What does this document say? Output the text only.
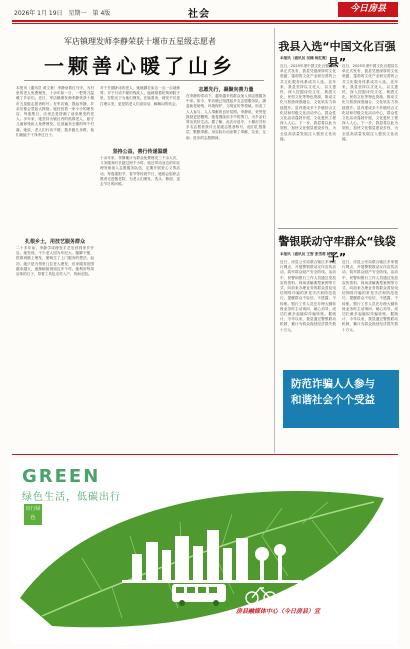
2026年 1月 19日　星期一　第 4版	社会	今日房县
军店镇理发师李静荣获十堰市五星级志愿者
一颗善心暖了山乡
本报讯（通讯员 黄文豪）李静身着红马甲，为村里的老人免费理发，十余年如一日，一把剪刀温暖了乡亲们。近日，军店镇理发师李静荣获十堰市五星级志愿者称号。在军店镇，提起李静，乡亲们都会竖起大拇指。她经营着一家小小的理发店，每逢集日，店里总是挤满了前来理发的老人。多年来，她坚持为辖区内的孤寡老人、留守儿童和残疾人免费理发，足迹遍布全镇的每个村落。她说，老人们行动不便，我多跑几步路，他们就能干干净净过日子。
扎根乡土，用技艺服务群众
二十多年前，李静学成理发手艺后回到家乡开店。她发现，不少老人因为年纪大、腿脚不便，很难到镇上理发，便萌生了上门服务的想法。起初，她只是为邻里几位老人理发，后来服务范围越来越大，逐渐辐射到周边多个村。她利用每周店休的日子，背着工具包走村入户，风雨无阻。
对于长期卧床的老人，她就蹲在床边一点一点地修剪；对于行动不便的残疾人，她就推着轮椅到院子里，在阳光下为他们理发。在她看来，理发不仅是打理头发，更是陪老人们说说话、解解闷的机会。
坚持公益，善行传递温暖
十余年来，李静累计为群众免费理发三千余人次，义务服务时长超过两千小时。她还带动身边的年轻理发师加入志愿服务队伍，定期开展爱心义剪活动。每逢重阳节、春节等传统节日，她都会组织志愿者走进敬老院，为老人们理发、洗头、修面，送去节日的问候。
志愿先行，凝聚向善力量
在李静的带动下，越来越多的群众加入到志愿服务中来。如今，军店镇已组建起多支志愿服务队，涵盖助老助残、环境保护、文明宣传等领域，形成了人人参与、人人奉献的良好氛围。李静说，荣誉是鼓励更是鞭策，她将继续用手中的剪刀，为乡亲们剪出美好生活。据了解，此次评选中，十堰市共有多名志愿者获评五星级志愿者称号，他们扎根基层、默默奉献，用实际行动诠释了奉献、友爱、互助、进步的志愿精神。
我县入选“中国文化百强县”
本报讯（通讯员 吴楠 杨红霞）
近日，2025年度中国文化百强县名单正式发布，我县凭借深厚的文化底蕴、蓬勃的文化产业和完善的公共文化服务体系成功入选。近年来，我县坚持以文化人、以文惠民，深入挖掘诗经文化、黄酒文化、民俗文化等特色资源，推动文化与旅游深度融合，文化软实力持续提升。县内建成多个乡镇综合文化站和村级文化活动中心，群众性文化活动蓬勃开展，文化惠民工程深入人心。下一步，我县将以此为契机，加快文化强县建设步伐，为全县高质量发展注入强劲文化动能。
近日，2025年度中国文化百强县名单正式发布，我县凭借深厚的文化底蕴、蓬勃的文化产业和完善的公共文化服务体系成功入选。近年来，我县坚持以文化人、以文惠民，深入挖掘诗经文化、黄酒文化、民俗文化等特色资源，推动文化与旅游深度融合，文化软实力持续提升。县内建成多个乡镇综合文化站和村级文化活动中心，群众性文化活动蓬勃开展，文化惠民工程深入人心。下一步，我县将以此为契机，加快文化强县建设步伐，为全县高质量发展注入强劲文化动能。
警银联动守牢群众“钱袋子”
本报讯（通讯员 王智 张雪莉 杨颖）
近日，房县公安局联合辖区多家银行网点，开展警银联动反诈宣传活动，筑牢群众财产安全防线。活动中，民警和银行工作人员通过发放宣传资料、现场讲解典型案例等方式，向前来办理业务的群众普及电信网络诈骗的常见手法和防范技巧，提醒群众不轻信、不透露、不转账。银行工作人员在办理大额转账业务时主动询问、耐心劝导，成功拦截多起疑似诈骗转账。据统计，今年以来，我县通过警银联动机制，累计为群众挽回经济损失数十万元。
近日，房县公安局联合辖区多家银行网点，开展警银联动反诈宣传活动，筑牢群众财产安全防线。活动中，民警和银行工作人员通过发放宣传资料、现场讲解典型案例等方式，向前来办理业务的群众普及电信网络诈骗的常见手法和防范技巧，提醒群众不轻信、不透露、不转账。银行工作人员在办理大额转账业务时主动询问、耐心劝导，成功拦截多起疑似诈骗转账。据统计，今年以来，我县通过警银联动机制，累计为群众挽回经济损失数十万元。
防范诈骗人人参与
和谐社会个个受益
GREEN
绿色生活，低碳出行
出行绿色
房县融媒体中心（今日房县）宣
